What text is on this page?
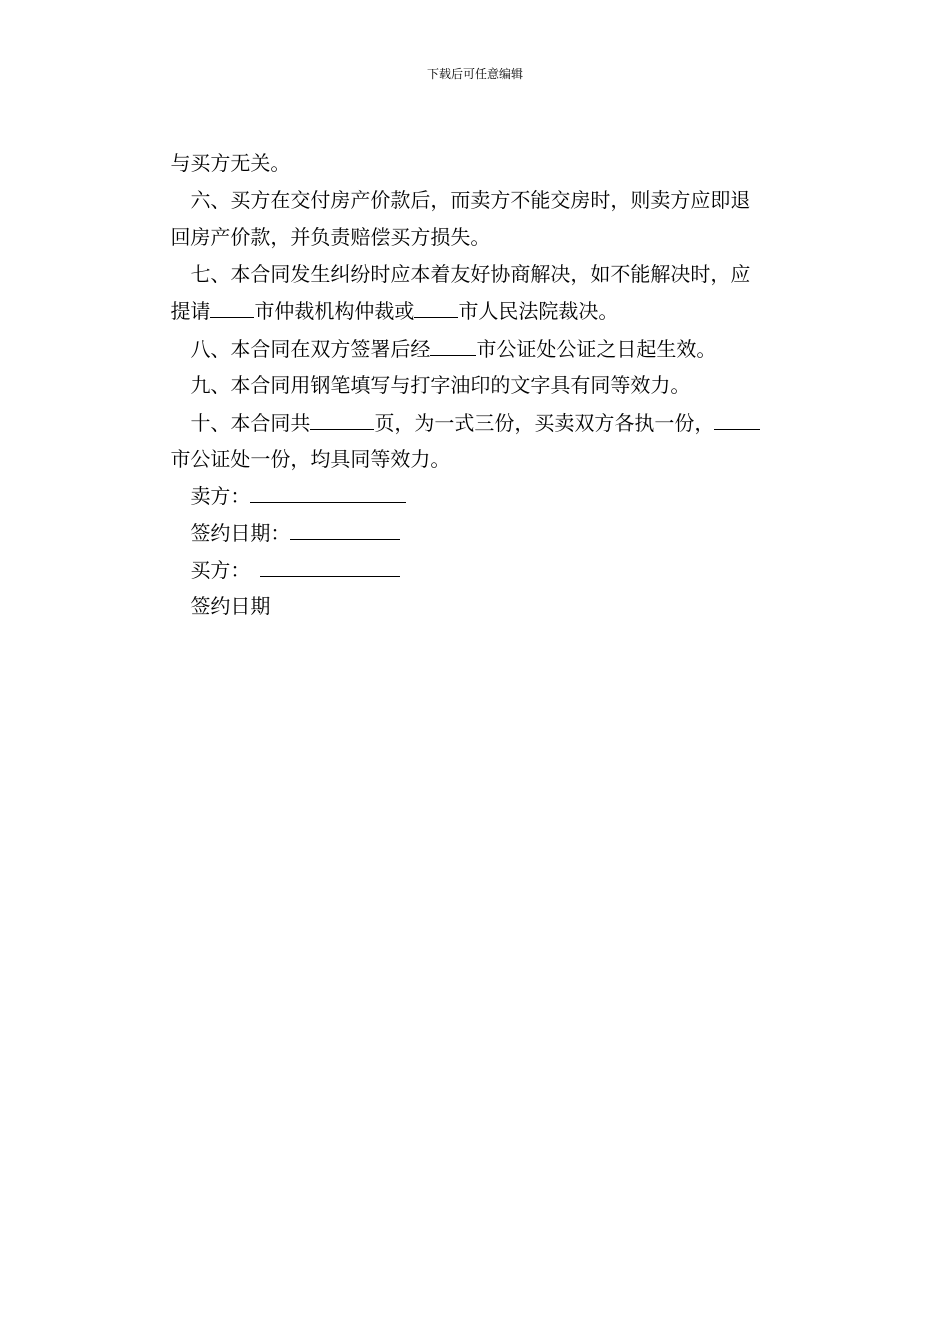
下载后可任意编辑

与买方无关。

六、买方在交付房产价款后，而卖方不能交房时，则卖方应即退

回房产价款，并负责赔偿买方损失。

七、本合同发生纠纷时应本着友好协商解决，如不能解决时，应

提请 市仲裁机构仲裁或 市人民法院裁决。

八、本合同在双方签署后经 市公证处公证之日起生效。

九、本合同用钢笔填写与打字油印的文字具有同等效力。

十、本合同共	页，为一式三份，买卖双方各执一份，

市公证处一份，均具同等效力。

卖方：

签约日期：

买方：

签约日期
